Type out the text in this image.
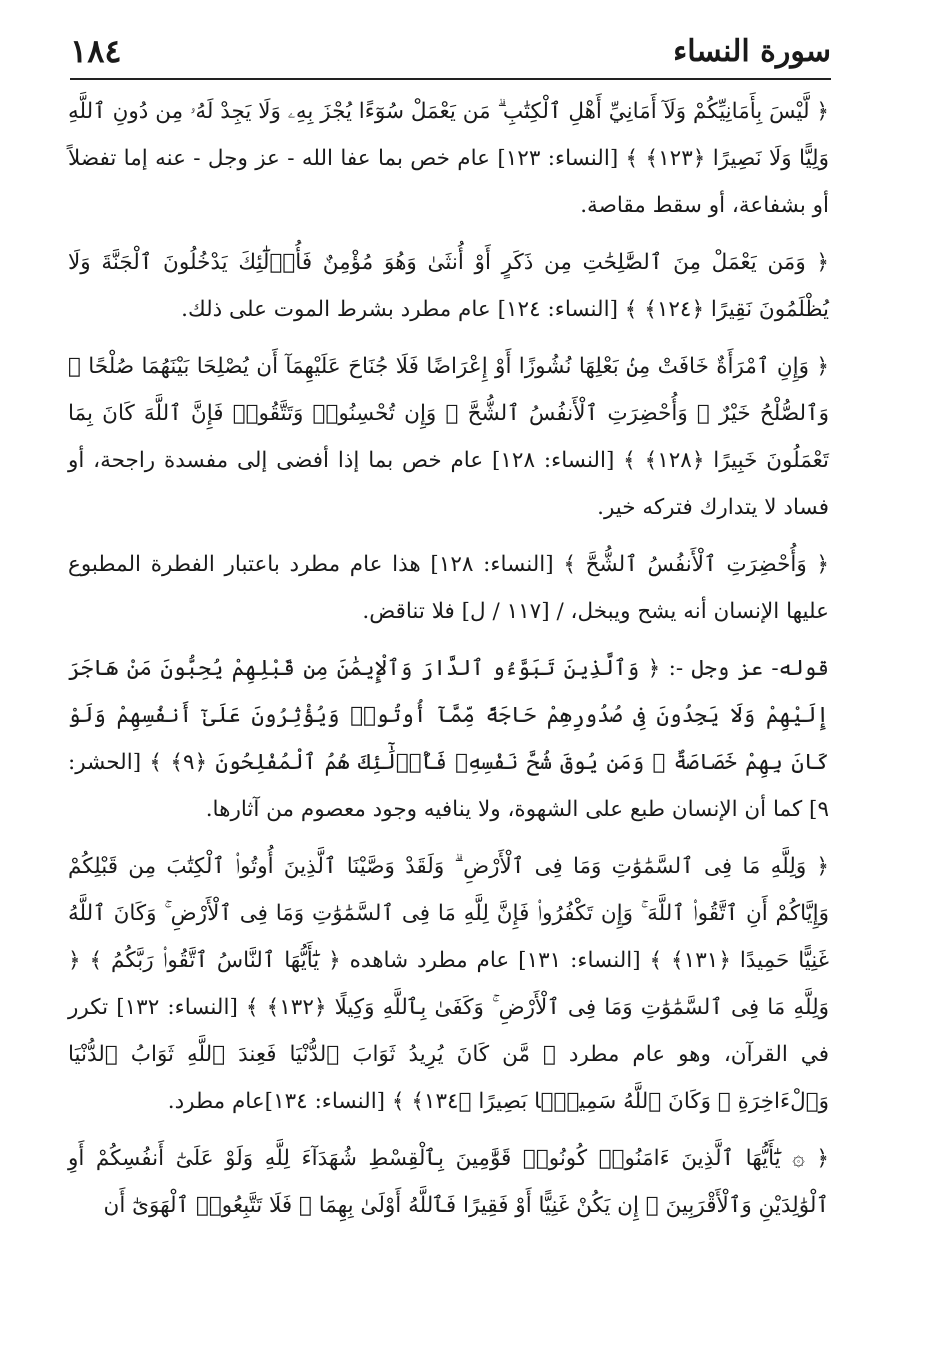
سورة النساء
١٨٤

﴿ لَّيْسَ بِأَمَانِيِّكُمْ وَلَآ أَمَانِيِّ أَهْلِ ٱلْكِتَٰبِ ۗ مَن يَعْمَلْ سُوٓءًا يُجْزَ بِهِۦ وَلَا يَجِدْ لَهُۥ مِن دُونِ ٱللَّهِ وَلِيًّا وَلَا نَصِيرًا ﴿١٢٣﴾ ﴾ [النساء: ١٢٣] عام خص بما عفا الله - عز وجل - عنه إما تفضلاً أو بشفاعة، أو سقط مقاصة.

﴿ وَمَن يَعْمَلْ مِنَ ٱلصَّٰلِحَٰتِ مِن ذَكَرٍ أَوْ أُنثَىٰ وَهُوَ مُؤْمِنٌ فَأُو۟لَٰٓئِكَ يَدْخُلُونَ ٱلْجَنَّةَ وَلَا يُظْلَمُونَ نَقِيرًا ﴿١٢٤﴾ ﴾ [النساء: ١٢٤] عام مطرد بشرط الموت على ذلك.

﴿ وَإِنِ ٱمْرَأَةٌ خَافَتْ مِنۢ بَعْلِهَا نُشُوزًا أَوْ إِعْرَاضًا فَلَا جُنَاحَ عَلَيْهِمَآ أَن يُصْلِحَا بَيْنَهُمَا صُلْحًا ۚ وَٱلصُّلْحُ خَيْرٌ ۗ وَأُحْضِرَتِ ٱلْأَنفُسُ ٱلشُّحَّ ۚ وَإِن تُحْسِنُوا۟ وَتَتَّقُوا۟ فَإِنَّ ٱللَّهَ كَانَ بِمَا تَعْمَلُونَ خَبِيرًا ﴿١٢٨﴾ ﴾ [النساء: ١٢٨] عام خص بما إذا أفضى إلى مفسدة راجحة، أو فساد لا يتدارك فتركه خير.

﴿ وَأُحْضِرَتِ ٱلْأَنفُسُ ٱلشُّحَّ ﴾ [النساء: ١٢٨] هذا عام مطرد باعتبار الفطرة المطبوع عليها الإنسان أنه يشح ويبخل، / [١١٧ / ل] فلا تناقض.

قوله- عز وجل -: ﴿ وَٱلَّذِينَ تَبَوَّءُو ٱلدَّارَ وَٱلْإِيمَٰنَ مِن قَبْلِهِمْ يُحِبُّونَ مَنْ هَاجَرَ إِلَيْهِمْ وَلَا يَجِدُونَ فِى صُدُورِهِمْ حَاجَةً مِّمَّآ أُوتُوا۟ وَيُؤْثِرُونَ عَلَىٰٓ أَنفُسِهِمْ وَلَوْ كَانَ بِهِمْ خَصَاصَةٌ ۚ وَمَن يُوقَ شُحَّ نَفْسِهِۦ فَأُو۟لَٰٓئِكَ هُمُ ٱلْمُفْلِحُونَ ﴿٩﴾ ﴾ [الحشر: ٩] كما أن الإنسان طبع على الشهوة، ولا ينافيه وجود معصوم من آثارها.

﴿ وَلِلَّهِ مَا فِى ٱلسَّمَٰوَٰتِ وَمَا فِى ٱلْأَرْضِ ۗ وَلَقَدْ وَصَّيْنَا ٱلَّذِينَ أُوتُوا۟ ٱلْكِتَٰبَ مِن قَبْلِكُمْ وَإِيَّاكُمْ أَنِ ٱتَّقُوا۟ ٱللَّهَ ۚ وَإِن تَكْفُرُوا۟ فَإِنَّ لِلَّهِ مَا فِى ٱلسَّمَٰوَٰتِ وَمَا فِى ٱلْأَرْضِ ۚ وَكَانَ ٱللَّهُ غَنِيًّا حَمِيدًا ﴿١٣١﴾ ﴾ [النساء: ١٣١] عام مطرد شاهده ﴿ يَٰٓأَيُّهَا ٱلنَّاسُ ٱتَّقُوا۟ رَبَّكُمُ ﴾ ﴿ وَلِلَّهِ مَا فِى ٱلسَّمَٰوَٰتِ وَمَا فِى ٱلْأَرْضِ ۚ وَكَفَىٰ بِٱللَّهِ وَكِيلًا ﴿١٣٢﴾ ﴾ [النساء: ١٣٢] تكرر في القرآن، وهو عام مطرد ﴿ مَّن كَانَ يُرِيدُ ثَوَابَ ٱلدُّنْيَا فَعِندَ ٱللَّهِ ثَوَابُ ٱلدُّنْيَا وَٱلْءَاخِرَةِ ۚ وَكَانَ ٱللَّهُ سَمِيعًۢا بَصِيرًا ﴿١٣٤﴾ ﴾ [النساء: ١٣٤]عام مطرد.

﴿ ۞ يَٰٓأَيُّهَا ٱلَّذِينَ ءَامَنُوا۟ كُونُوا۟ قَوَّٰمِينَ بِٱلْقِسْطِ شُهَدَآءَ لِلَّهِ وَلَوْ عَلَىٰٓ أَنفُسِكُمْ أَوِ ٱلْوَٰلِدَيْنِ وَٱلْأَقْرَبِينَ ۚ إِن يَكُنْ غَنِيًّا أَوْ فَقِيرًا فَٱللَّهُ أَوْلَىٰ بِهِمَا ۖ فَلَا تَتَّبِعُوا۟ ٱلْهَوَىٰٓ أَن
